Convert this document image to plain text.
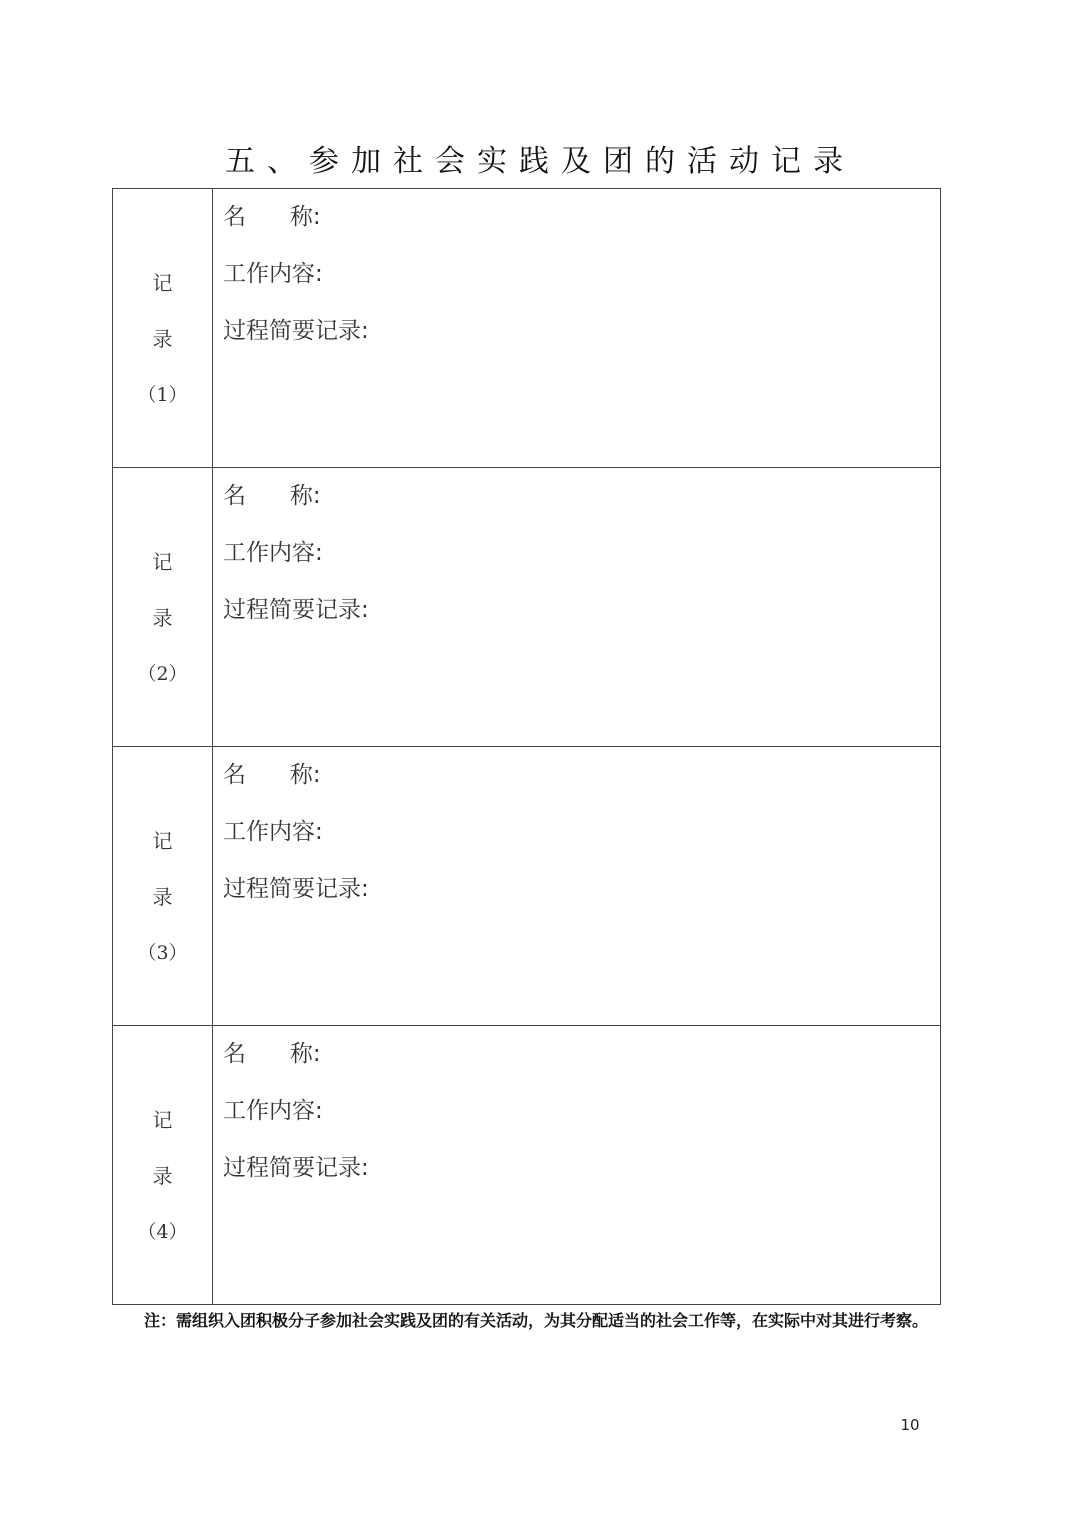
五、参加社会实践及团的活动记录
记
录
（1）	名      称:
工作内容:
过程简要记录:

记
录
（2）	名      称:
工作内容:
过程简要记录:

记
录
（3）	名      称:
工作内容:
过程简要记录:

记
录
（4）	名      称:
工作内容:
过程简要记录:
注：需组织入团积极分子参加社会实践及团的有关活动，为其分配适当的社会工作等，在实际中对其进行考察。
10
